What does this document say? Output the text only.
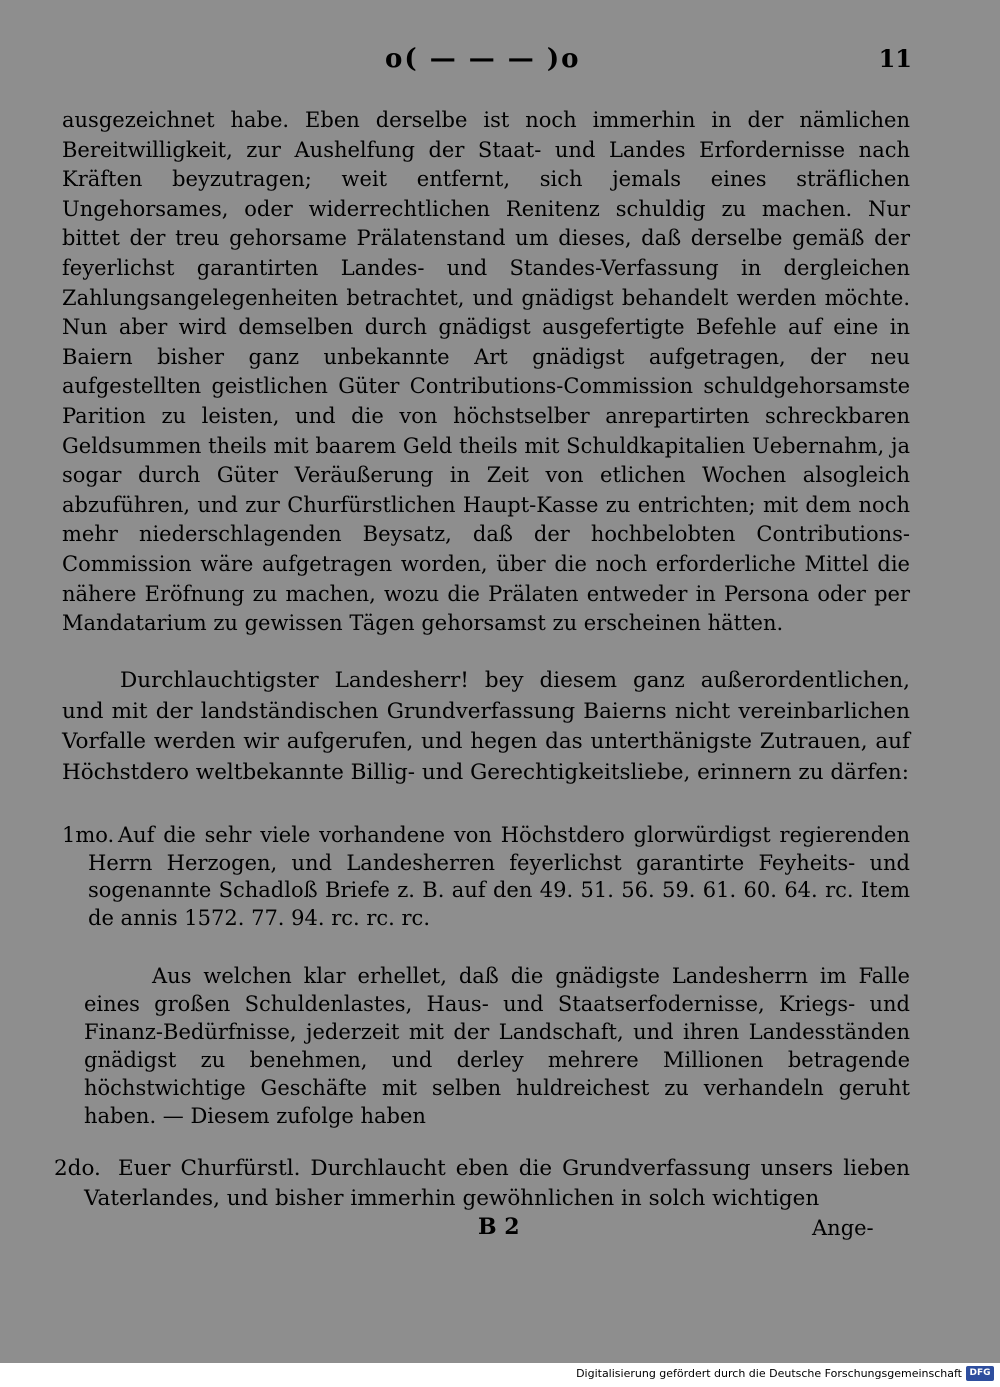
o( — — — )o	11
ausgezeichnet habe. Eben derselbe ist noch immerhin in der nämlichen Bereitwilligkeit, zur Aushelfung der Staat- und Landes Erfordernisse nach Kräften beyzutragen; weit entfernt, sich jemals eines sträflichen Ungehorsames, oder widerrechtlichen Renitenz schuldig zu machen. Nur bittet der treu gehorsame Prälatenstand um dieses, daß derselbe gemäß der feyerlichst garantirten Landes- und Standes-Verfassung in dergleichen Zahlungsangelegenheiten betrachtet, und gnädigst behandelt werden möchte. Nun aber wird demselben durch gnädigst ausgefertigte Befehle auf eine in Baiern bisher ganz unbekannte Art gnädigst aufgetragen, der neu aufgestellten geistlichen Güter Contributions-Commission schuldgehorsamste Parition zu leisten, und die von höchstselber anrepartirten schreckbaren Geldsummen theils mit baarem Geld theils mit Schuldkapitalien Uebernahm, ja sogar durch Güter Veräußerung in Zeit von etlichen Wochen alsogleich abzuführen, und zur Churfürstlichen Haupt-Kasse zu entrichten; mit dem noch mehr niederschlagenden Beysatz, daß der hochbelobten Contributions-Commission wäre aufgetragen worden, über die noch erforderliche Mittel die nähere Eröfnung zu machen, wozu die Prälaten entweder in Persona oder per Mandatarium zu gewissen Tägen gehorsamst zu erscheinen hätten.
Durchlauchtigster Landesherr! bey diesem ganz außerordentlichen, und mit der landständischen Grundverfassung Baierns nicht vereinbarlichen Vorfalle werden wir aufgerufen, und hegen das unterthänigste Zutrauen, auf Höchstdero weltbekannte Billig- und Gerechtigkeitsliebe, erinnern zu därfen:
1mo. Auf die sehr viele vorhandene von Höchstdero glorwürdigst regierenden Herrn Herzogen, und Landesherren feyerlichst garantirte Feyheits- und sogenannte Schadloß Briefe z. B. auf den 49. 51. 56. 59. 61. 60. 64. rc. Item de annis 1572. 77. 94. rc. rc. rc.
Aus welchen klar erhellet, daß die gnädigste Landesherrn im Falle eines großen Schuldenlastes, Haus- und Staatserfodernisse, Kriegs- und Finanz-Bedürfnisse, jederzeit mit der Landschaft, und ihren Landesständen gnädigst zu benehmen, und derley mehrere Millionen betragende höchstwichtige Geschäfte mit selben huldreichest zu verhandeln geruht haben. — Diesem zufolge haben
2do. Euer Churfürstl. Durchlaucht eben die Grundverfassung unsers lieben Vaterlandes, und bisher immerhin gewöhnlichen in solch wichtigen
B 2	Ange-
Digitalisierung gefördert durch die Deutsche Forschungsgemeinschaft DFG
